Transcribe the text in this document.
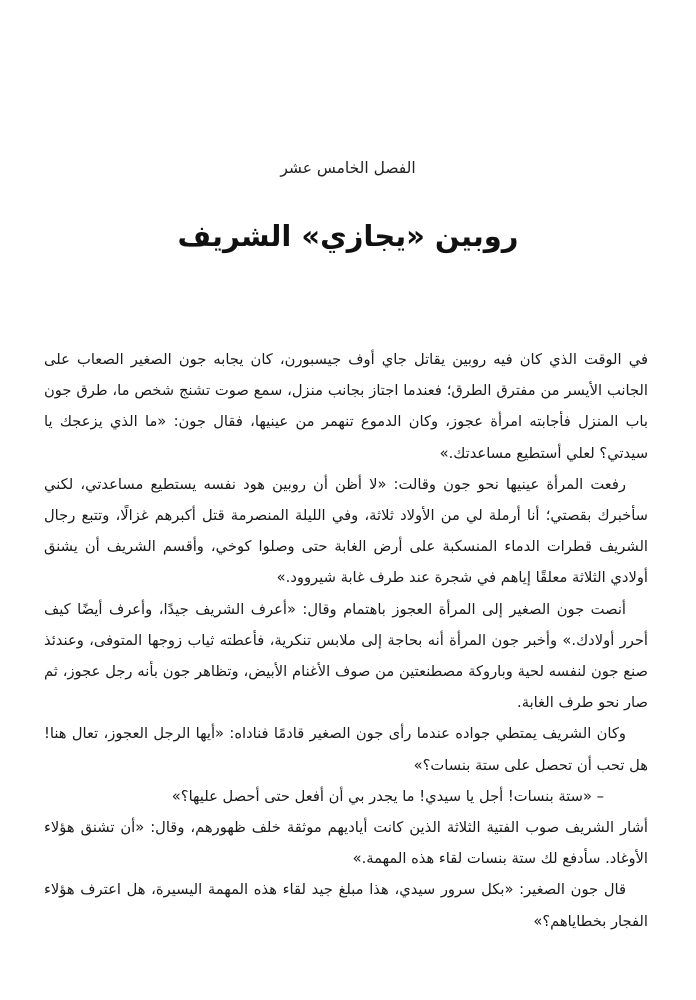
الفصل الخامس عشر
روبين «يجازي» الشريف

في الوقت الذي كان فيه روبين يقاتل جاي أوف جيسبورن، كان يجابه جون الصغير الصعاب على الجانب الأيسر من مفترق الطرق؛ فعندما اجتاز بجانب منزل، سمع صوت تشنج شخص ما، طرق جون باب المنزل فأجابته امرأة عجوز، وكان الدموع تنهمر من عينيها، فقال جون: «ما الذي يزعجك يا سيدتي؟ لعلي أستطيع مساعدتك.»

رفعت المرأة عينيها نحو جون وقالت: «لا أظن أن روبين هود نفسه يستطيع مساعدتي، لكني سأخبرك بقصتي؛ أنا أرملة لي من الأولاد ثلاثة، وفي الليلة المنصرمة قتل أكبرهم غزالًا، وتتبع رجال الشريف قطرات الدماء المنسكبة على أرض الغابة حتى وصلوا كوخي، وأقسم الشريف أن يشنق أولادي الثلاثة معلقًا إياهم في شجرة عند طرف غابة شيروود.»

أنصت جون الصغير إلى المرأة العجوز باهتمام وقال: «أعرف الشريف جيدًا، وأعرف أيضًا كيف أحرر أولادك.» وأخبر جون المرأة أنه بحاجة إلى ملابس تنكرية، فأعطته ثياب زوجها المتوفى، وعندئذ صنع جون لنفسه لحية وباروكة مصطنعتين من صوف الأغنام الأبيض، وتظاهر جون بأنه رجل عجوز، ثم صار نحو طرف الغابة.

وكان الشريف يمتطي جواده عندما رأى جون الصغير قادمًا فناداه: «أيها الرجل العجوز، تعال هنا! هل تحب أن تحصل على ستة بنسات؟»

– «ستة بنسات! أجل يا سيدي! ما يجدر بي أن أفعل حتى أحصل عليها؟»

أشار الشريف صوب الفتية الثلاثة الذين كانت أياديهم موثقة خلف ظهورهم، وقال: «أن تشنق هؤلاء الأوغاد. سأدفع لك ستة بنسات لقاء هذه المهمة.»

قال جون الصغير: «بكل سرور سيدي، هذا مبلغ جيد لقاء هذه المهمة اليسيرة، هل اعترف هؤلاء الفجار بخطاياهم؟»
